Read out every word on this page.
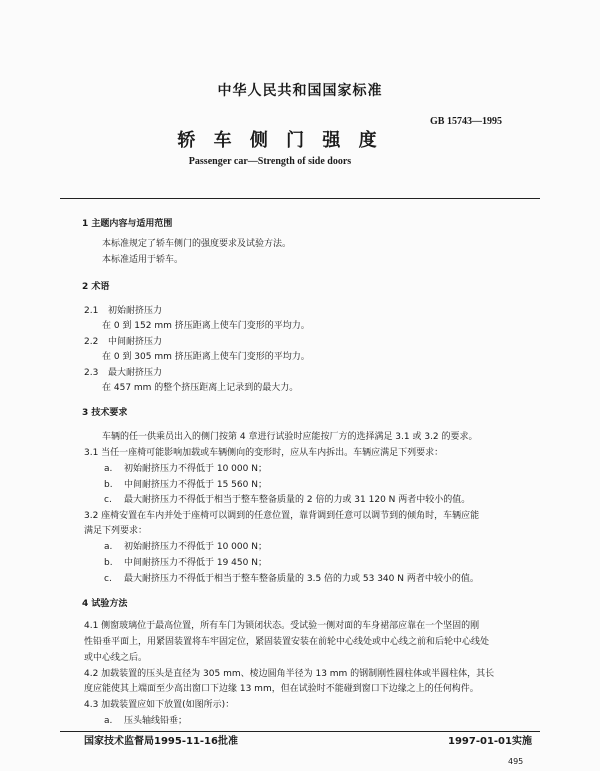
中华人民共和国国家标准
GB 15743—1995
轿 车 侧 门 强 度
Passenger car—Strength of side doors
1 主题内容与适用范围
本标准规定了轿车侧门的强度要求及试验方法。
本标准适用于轿车。
2 术语
2.1 初始耐挤压力
在 0 到 152 mm 挤压距离上使车门变形的平均力。
2.2 中间耐挤压力
在 0 到 305 mm 挤压距离上使车门变形的平均力。
2.3 最大耐挤压力
在 457 mm 的整个挤压距离上记录到的最大力。
3 技术要求
车辆的任一供乘员出入的侧门按第 4 章进行试验时应能按厂方的选择满足 3.1 或 3.2 的要求。
3.1 当任一座椅可能影响加载或车辆侧向的变形时，应从车内拆出。车辆应满足下列要求：
a. 初始耐挤压力不得低于 10 000 N；
b. 中间耐挤压力不得低于 15 560 N；
c. 最大耐挤压力不得低于相当于整车整备质量的 2 倍的力或 31 120 N 两者中较小的值。
3.2 座椅安置在车内并处于座椅可以调到的任意位置，靠背调到任意可以调节到的倾角时，车辆应能
满足下列要求：
a. 初始耐挤压力不得低于 10 000 N；
b. 中间耐挤压力不得低于 19 450 N；
c. 最大耐挤压力不得低于相当于整车整备质量的 3.5 倍的力或 53 340 N 两者中较小的值。
4 试验方法
4.1 侧窗玻璃位于最高位置，所有车门为锁闭状态。受试验一侧对面的车身裙部应靠在一个坚固的刚
性铅垂平面上，用紧固装置将车牢固定位，紧固装置安装在前轮中心线处或中心线之前和后轮中心线处
或中心线之后。
4.2 加载装置的压头是直径为 305 mm、棱边圆角半径为 13 mm 的钢制刚性圆柱体或半圆柱体，其长
度应能使其上端面至少高出窗口下边缘 13 mm，但在试验时不能碰到窗口下边缘之上的任何构件。
4.3 加载装置应如下放置(如图所示)：
a. 压头轴线铅垂；
国家技术监督局1995-11-16批准	1997-01-01实施
495
